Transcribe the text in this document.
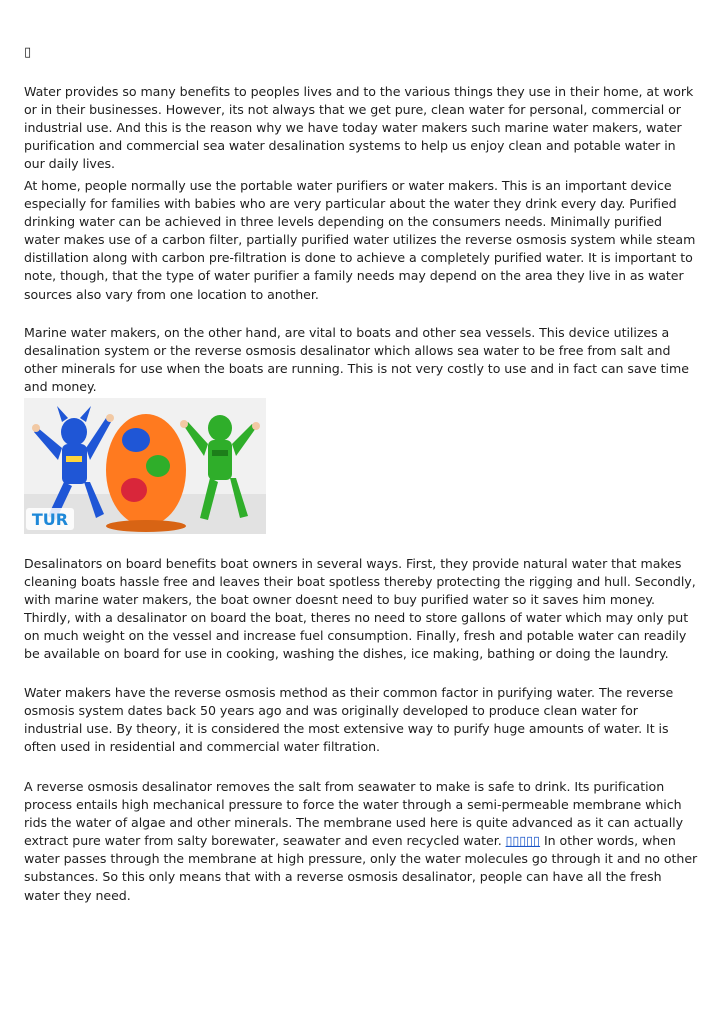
▯

Water provides so many benefits to peoples lives and to the various things they use in their home, at work or in their businesses. However, its not always that we get pure, clean water for personal, commercial or industrial use. And this is the reason why we have today water makers such marine water makers, water purification and commercial sea water desalination systems to help us enjoy clean and potable water in our daily lives.

At home, people normally use the portable water purifiers or water makers. This is an important device especially for families with babies who are very particular about the water they drink every day. Purified drinking water can be achieved in three levels depending on the consumers needs. Minimally purified water makes use of a carbon filter, partially purified water utilizes the reverse osmosis system while steam distillation along with carbon pre-filtration is done to achieve a completely purified water. It is important to note, though, that the type of water purifier a family needs may depend on the area they live in as water sources also vary from one location to another.

Marine water makers, on the other hand, are vital to boats and other sea vessels. This device utilizes a desalination system or the reverse osmosis desalinator which allows sea water to be free from salt and other minerals for use when the boats are running. This is not very costly to use and in fact can save time and money.

TUR

Desalinators on board benefits boat owners in several ways. First, they provide natural water that makes cleaning boats hassle free and leaves their boat spotless thereby protecting the rigging and hull. Secondly, with marine water makers, the boat owner doesnt need to buy purified water so it saves him money. Thirdly, with a desalinator on board the boat, theres no need to store gallons of water which may only put on much weight on the vessel and increase fuel consumption. Finally, fresh and potable water can readily be available on board for use in cooking, washing the dishes, ice making, bathing or doing the laundry.

Water makers have the reverse osmosis method as their common factor in purifying water. The reverse osmosis system dates back 50 years ago and was originally developed to produce clean water for industrial use. By theory, it is considered the most extensive way to purify huge amounts of water. It is often used in residential and commercial water filtration.

A reverse osmosis desalinator removes the salt from seawater to make is safe to drink. Its purification process entails high mechanical pressure to force the water through a semi-permeable membrane which rids the water of algae and other minerals. The membrane used here is quite advanced as it can actually extract pure water from salty borewater, seawater and even recycled water. ▯▯▯▯▯ In other words, when water passes through the membrane at high pressure, only the water molecules go through it and no other substances. So this only means that with a reverse osmosis desalinator, people can have all the fresh water they need.
